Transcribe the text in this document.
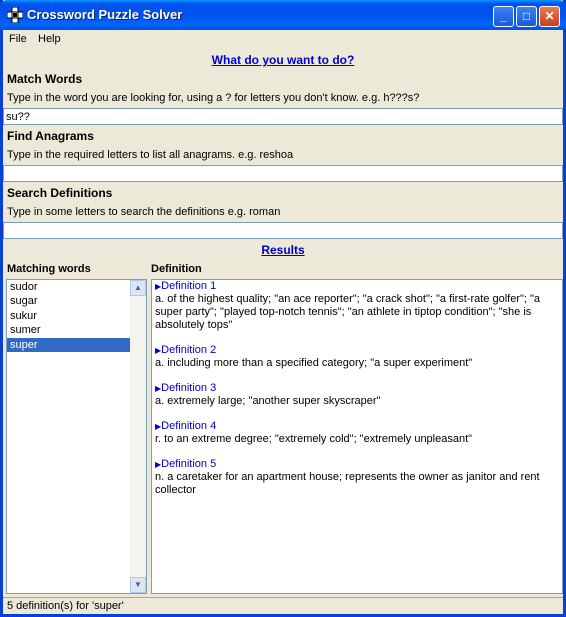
Crossword Puzzle Solver	_	□	✕
File Help
What do you want to do?
Match Words
Type in the word you are looking for, using a ? for letters you don't know. e.g. h???s?
su??
Find Anagrams
Type in the required letters to list all anagrams. e.g. reshoa
Search Definitions
Type in some letters to search the definitions e.g. roman
Results
Matching words	Definition
sudor
sugar
sukur
sumer
super
▲
▼
▶Definition 1
a. of the highest quality; "an ace reporter"; "a crack shot"; "a first-rate golfer"; "a super party"; "played top-notch tennis"; "an athlete in tiptop condition"; "she is absolutely tops"
▶Definition 2
a. including more than a specified category; "a super experiment"
▶Definition 3
a. extremely large; "another super skyscraper"
▶Definition 4
r. to an extreme degree; "extremely cold"; "extremely unpleasant"
▶Definition 5
n. a caretaker for an apartment house; represents the owner as janitor and rent collector
5 definition(s) for 'super'
